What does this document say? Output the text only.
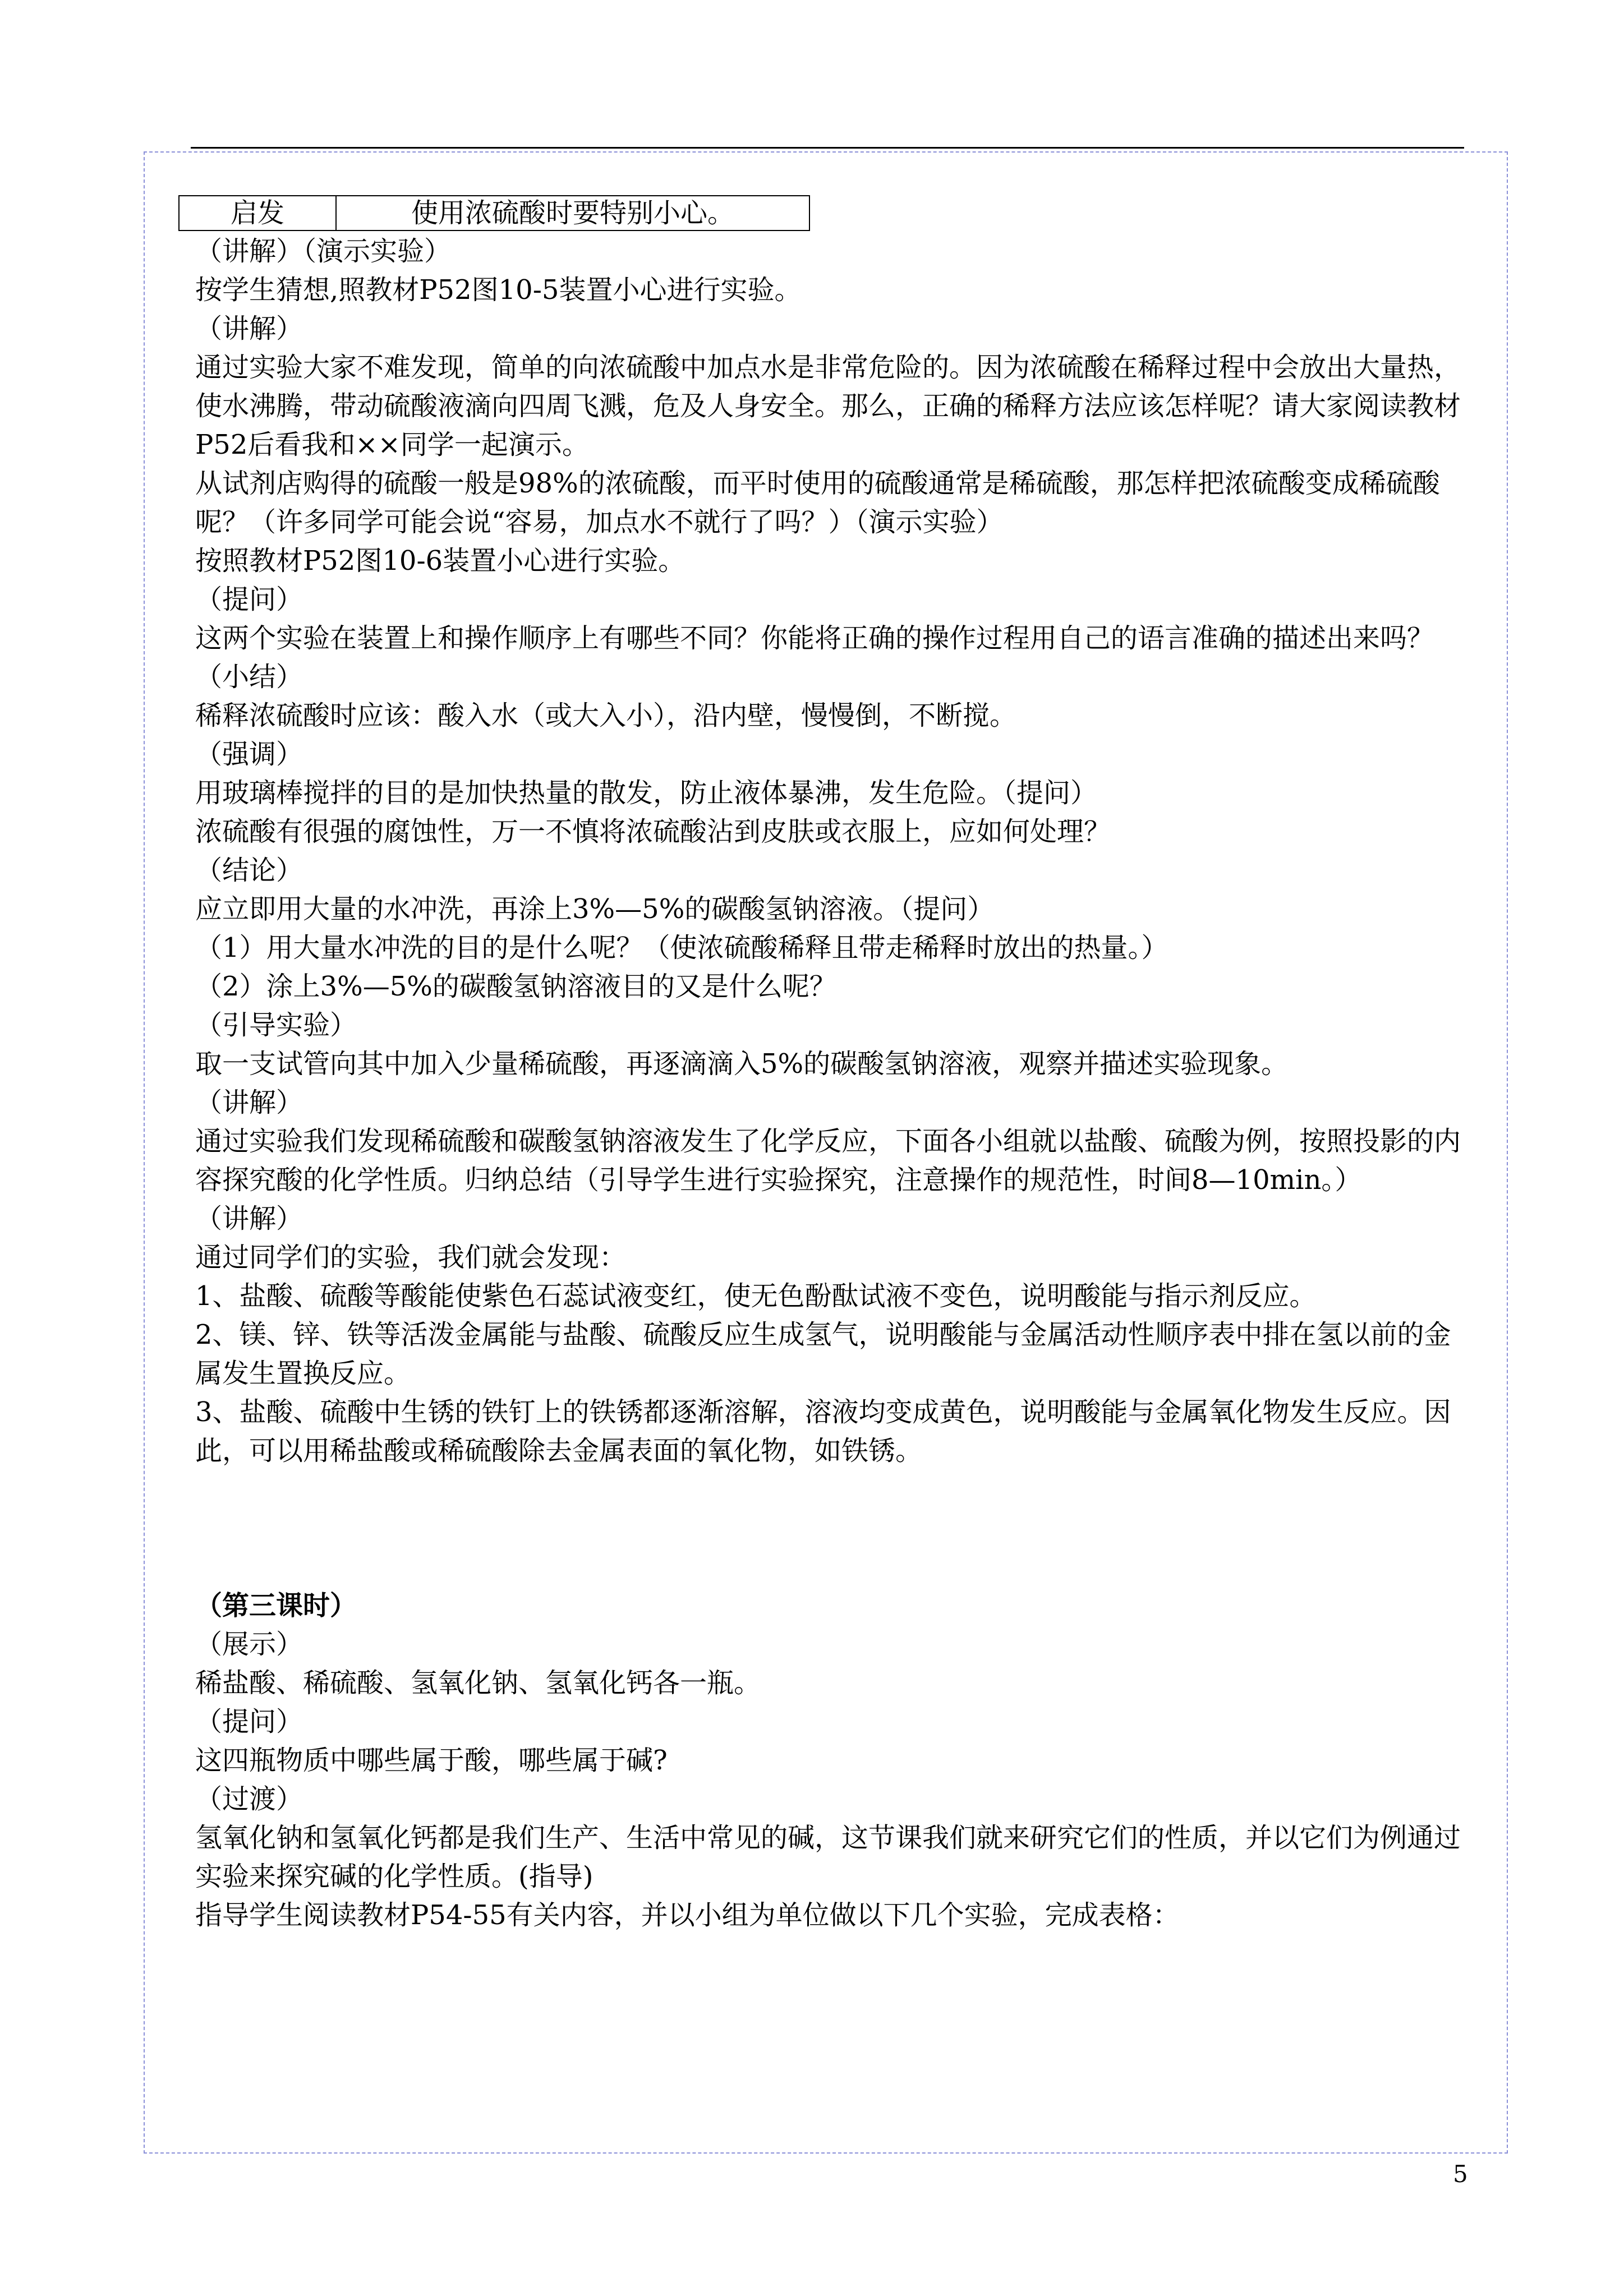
启发	使用浓硫酸时要特别小心。

（讲解）（演示实验）

按学生猜想,照教材P52图10-5装置小心进行实验。

（讲解）

通过实验大家不难发现，简单的向浓硫酸中加点水是非常危险的。因为浓硫酸在稀释过程中会放出大量热，使水沸腾，带动硫酸液滴向四周飞溅，危及人身安全。那么，正确的稀释方法应该怎样呢？请大家阅读教材P52后看我和××同学一起演示。

从试剂店购得的硫酸一般是98%的浓硫酸，而平时使用的硫酸通常是稀硫酸，那怎样把浓硫酸变成稀硫酸呢？（许多同学可能会说“容易，加点水不就行了吗？）（演示实验）

按照教材P52图10-6装置小心进行实验。

（提问）

这两个实验在装置上和操作顺序上有哪些不同？你能将正确的操作过程用自己的语言准确的描述出来吗？

（小结）

稀释浓硫酸时应该：酸入水（或大入小），沿内壁，慢慢倒，不断搅。

（强调）

用玻璃棒搅拌的目的是加快热量的散发，防止液体暴沸，发生危险。（提问）

浓硫酸有很强的腐蚀性，万一不慎将浓硫酸沾到皮肤或衣服上，应如何处理？

（结论）

应立即用大量的水冲洗，再涂上3%—5%的碳酸氢钠溶液。（提问）

（1）用大量水冲洗的目的是什么呢？（使浓硫酸稀释且带走稀释时放出的热量。）

（2）涂上3%—5%的碳酸氢钠溶液目的又是什么呢？

（引导实验）

取一支试管向其中加入少量稀硫酸，再逐滴滴入5%的碳酸氢钠溶液，观察并描述实验现象。

（讲解）

通过实验我们发现稀硫酸和碳酸氢钠溶液发生了化学反应，下面各小组就以盐酸、硫酸为例，按照投影的内容探究酸的化学性质。归纳总结（引导学生进行实验探究，注意操作的规范性，时间8—10min。）

（讲解）

通过同学们的实验，我们就会发现：

1、盐酸、硫酸等酸能使紫色石蕊试液变红，使无色酚酞试液不变色，说明酸能与指示剂反应。

2、镁、锌、铁等活泼金属能与盐酸、硫酸反应生成氢气，说明酸能与金属活动性顺序表中排在氢以前的金属发生置换反应。

3、盐酸、硫酸中生锈的铁钉上的铁锈都逐渐溶解，溶液均变成黄色，说明酸能与金属氧化物发生反应。因此，可以用稀盐酸或稀硫酸除去金属表面的氧化物，如铁锈。

（第三课时）

（展示）

稀盐酸、稀硫酸、氢氧化钠、氢氧化钙各一瓶。

（提问）

这四瓶物质中哪些属于酸，哪些属于碱?

（过渡）

氢氧化钠和氢氧化钙都是我们生产、生活中常见的碱，这节课我们就来研究它们的性质，并以它们为例通过实验来探究碱的化学性质。(指导)

指导学生阅读教材P54-55有关内容，并以小组为单位做以下几个实验，完成表格：

5
